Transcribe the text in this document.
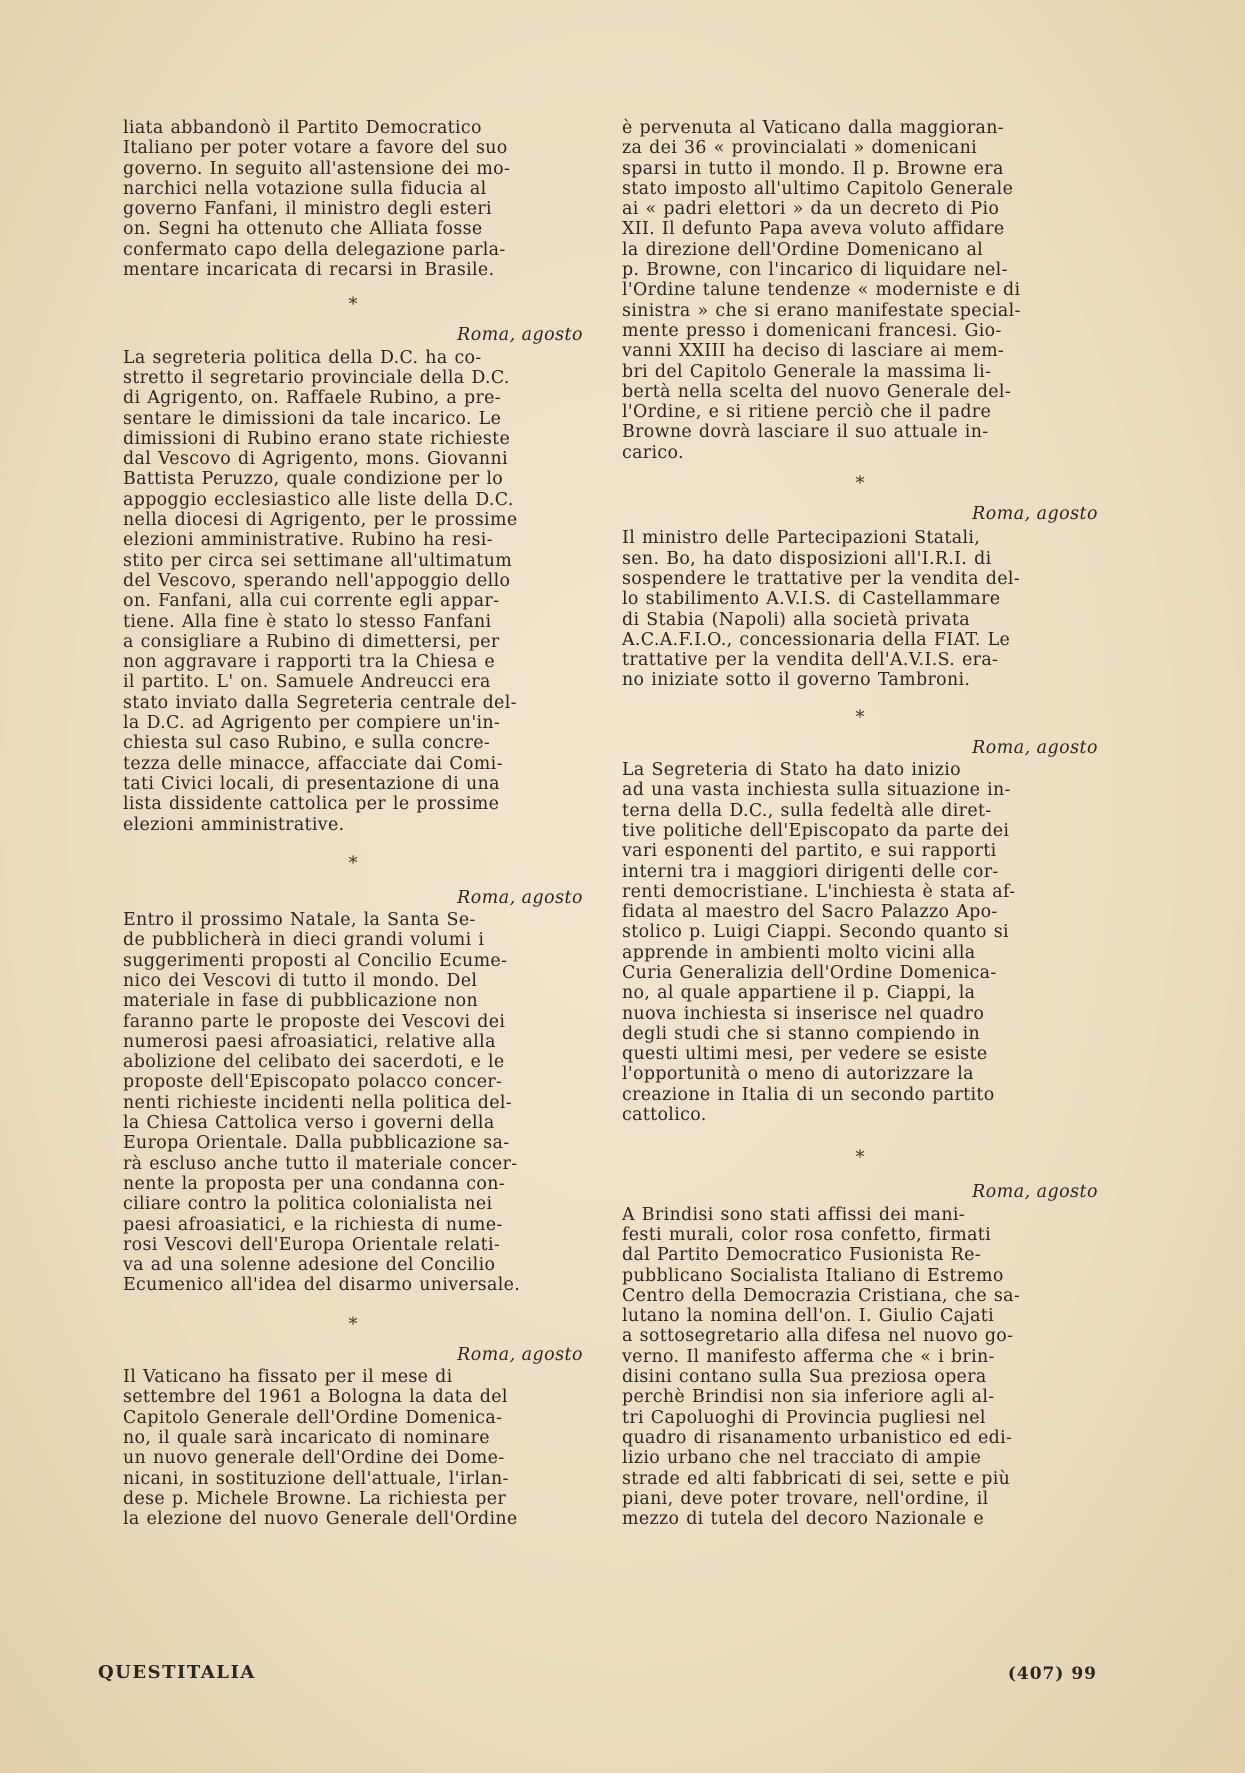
liata abbandonò il Partito Democratico
Italiano per poter votare a favore del suo
governo. In seguito all'astensione dei mo-
narchici nella votazione sulla fiducia al
governo Fanfani, il ministro degli esteri
on. Segni ha ottenuto che Alliata fosse
confermato capo della delegazione parla-
mentare incaricata di recarsi in Brasile.

*
Roma, agosto

La segreteria politica della D.C. ha co-
stretto il segretario provinciale della D.C.
di Agrigento, on. Raffaele Rubino, a pre-
sentare le dimissioni da tale incarico. Le
dimissioni di Rubino erano state richieste
dal Vescovo di Agrigento, mons. Giovanni
Battista Peruzzo, quale condizione per lo
appoggio ecclesiastico alle liste della D.C.
nella diocesi di Agrigento, per le prossime
elezioni amministrative. Rubino ha resi-
stito per circa sei settimane all'ultimatum
del Vescovo, sperando nell'appoggio dello
on. Fanfani, alla cui corrente egli appar-
tiene. Alla fine è stato lo stesso Fanfani
a consigliare a Rubino di dimettersi, per
non aggravare i rapporti tra la Chiesa e
il partito. L' on. Samuele Andreucci era
stato inviato dalla Segreteria centrale del-
la D.C. ad Agrigento per compiere un'in-
chiesta sul caso Rubino, e sulla concre-
tezza delle minacce, affacciate dai Comi-
tati Civici locali, di presentazione di una
lista dissidente cattolica per le prossime
elezioni amministrative.

*
Roma, agosto

Entro il prossimo Natale, la Santa Se-
de pubblicherà in dieci grandi volumi i
suggerimenti proposti al Concilio Ecume-
nico dei Vescovi di tutto il mondo. Del
materiale in fase di pubblicazione non
faranno parte le proposte dei Vescovi dei
numerosi paesi afroasiatici, relative alla
abolizione del celibato dei sacerdoti, e le
proposte dell'Episcopato polacco concer-
nenti richieste incidenti nella politica del-
la Chiesa Cattolica verso i governi della
Europa Orientale. Dalla pubblicazione sa-
rà escluso anche tutto il materiale concer-
nente la proposta per una condanna con-
ciliare contro la politica colonialista nei
paesi afroasiatici, e la richiesta di nume-
rosi Vescovi dell'Europa Orientale relati-
va ad una solenne adesione del Concilio
Ecumenico all'idea del disarmo universale.

*
Roma, agosto

Il Vaticano ha fissato per il mese di
settembre del 1961 a Bologna la data del
Capitolo Generale dell'Ordine Domenica-
no, il quale sarà incaricato di nominare
un nuovo generale dell'Ordine dei Dome-
nicani, in sostituzione dell'attuale, l'irlan-
dese p. Michele Browne. La richiesta per
la elezione del nuovo Generale dell'Ordine

è pervenuta al Vaticano dalla maggioran-
za dei 36 « provincialati » domenicani
sparsi in tutto il mondo. Il p. Browne era
stato imposto all'ultimo Capitolo Generale
ai « padri elettori » da un decreto di Pio
XII. Il defunto Papa aveva voluto affidare
la direzione dell'Ordine Domenicano al
p. Browne, con l'incarico di liquidare nel-
l'Ordine talune tendenze « moderniste e di
sinistra » che si erano manifestate special-
mente presso i domenicani francesi. Gio-
vanni XXIII ha deciso di lasciare ai mem-
bri del Capitolo Generale la massima li-
bertà nella scelta del nuovo Generale del-
l'Ordine, e si ritiene perciò che il padre
Browne dovrà lasciare il suo attuale in-
carico.

*
Roma, agosto

Il ministro delle Partecipazioni Statali,
sen. Bo, ha dato disposizioni all'I.R.I. di
sospendere le trattative per la vendita del-
lo stabilimento A.V.I.S. di Castellammare
di Stabia (Napoli) alla società privata
A.C.A.F.I.O., concessionaria della FIAT. Le
trattative per la vendita dell'A.V.I.S. era-
no iniziate sotto il governo Tambroni.

*
Roma, agosto

La Segreteria di Stato ha dato inizio
ad una vasta inchiesta sulla situazione in-
terna della D.C., sulla fedeltà alle diret-
tive politiche dell'Episcopato da parte dei
vari esponenti del partito, e sui rapporti
interni tra i maggiori dirigenti delle cor-
renti democristiane. L'inchiesta è stata af-
fidata al maestro del Sacro Palazzo Apo-
stolico p. Luigi Ciappi. Secondo quanto si
apprende in ambienti molto vicini alla
Curia Generalizia dell'Ordine Domenica-
no, al quale appartiene il p. Ciappi, la
nuova inchiesta si inserisce nel quadro
degli studi che si stanno compiendo in
questi ultimi mesi, per vedere se esiste
l'opportunità o meno di autorizzare la
creazione in Italia di un secondo partito
cattolico.

*
Roma, agosto

A Brindisi sono stati affissi dei mani-
festi murali, color rosa confetto, firmati
dal Partito Democratico Fusionista Re-
pubblicano Socialista Italiano di Estremo
Centro della Democrazia Cristiana, che sa-
lutano la nomina dell'on. I. Giulio Cajati
a sottosegretario alla difesa nel nuovo go-
verno. Il manifesto afferma che « i brin-
disini contano sulla Sua preziosa opera
perchè Brindisi non sia inferiore agli al-
tri Capoluoghi di Provincia pugliesi nel
quadro di risanamento urbanistico ed edi-
lizio urbano che nel tracciato di ampie
strade ed alti fabbricati di sei, sette e più
piani, deve poter trovare, nell'ordine, il
mezzo di tutela del decoro Nazionale e

QUESTITALIA	(407) 99
